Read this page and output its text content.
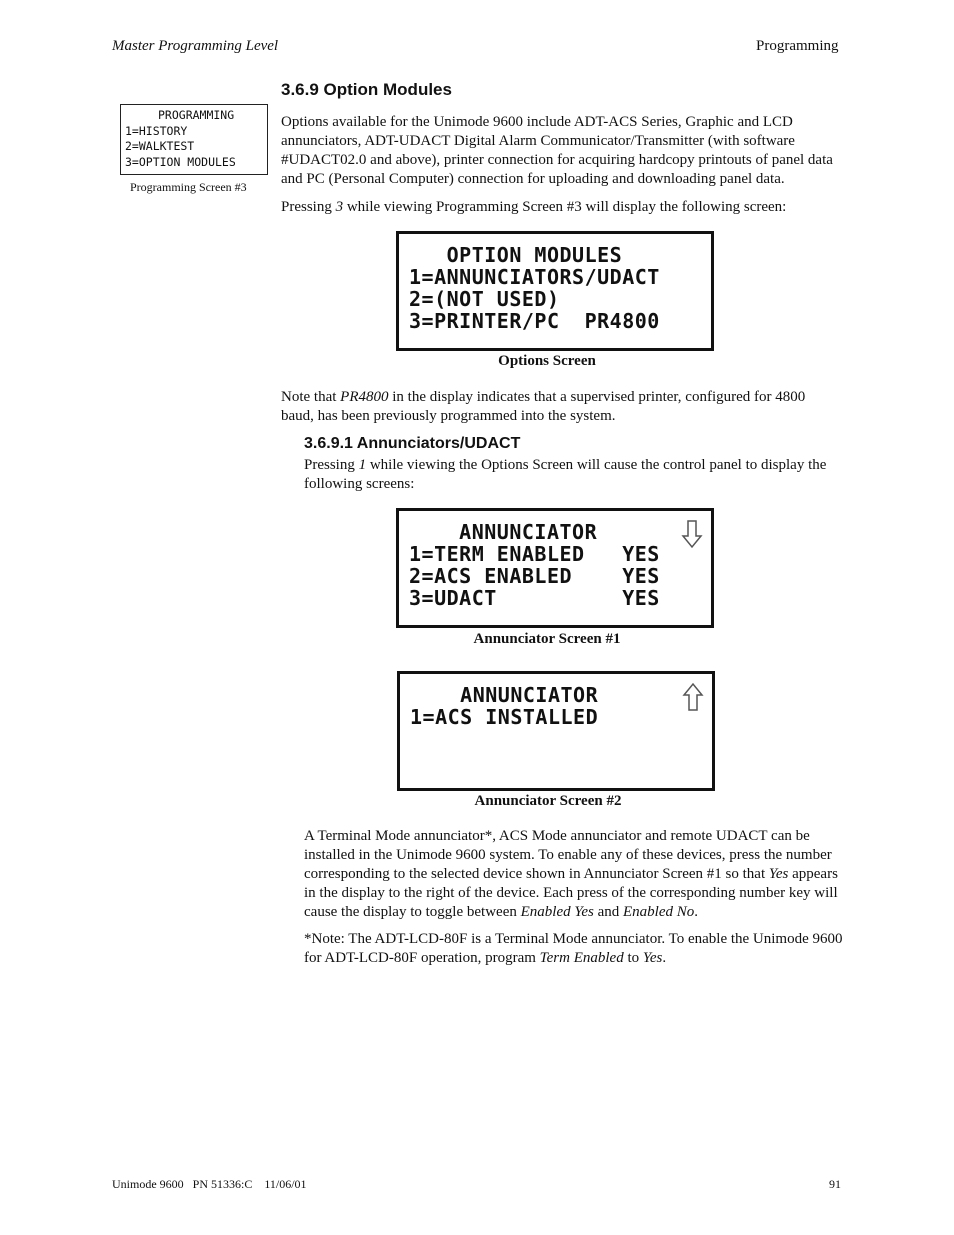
Master Programming Level	Programming
3.6.9 Option Modules
PROGRAMMING
1=HISTORY
2=WALKTEST
3=OPTION MODULES
Programming Screen #3

Options available for the Unimode 9600 include ADT-ACS Series, Graphic and LCD annunciators, ADT-UDACT Digital Alarm Communicator/Transmitter (with software #UDACT02.0 and above), printer connection for acquiring hardcopy printouts of panel data and PC (Personal Computer) connection for uploading and downloading panel data.

Pressing 3 while viewing Programming Screen #3 will display the following screen:

OPTION MODULES
1=ANNUNCIATORS/UDACT
2=(NOT USED)
3=PRINTER/PC  PR4800
Options Screen

Note that PR4800 in the display indicates that a supervised printer, configured for 4800 baud, has been previously programmed into the system.

3.6.9.1 Annunciators/UDACT

Pressing 1 while viewing the Options Screen will cause the control panel to display the following screens:

ANNUNCIATOR
1=TERM ENABLED   YES
2=ACS ENABLED    YES
3=UDACT          YES

Annunciator Screen #1
ANNUNCIATOR
1=ACS INSTALLED

Annunciator Screen #2

A Terminal Mode annunciator*, ACS Mode annunciator and remote UDACT can be installed in the Unimode 9600 system. To enable any of these devices, press the number corresponding to the selected device shown in Annunciator Screen #1 so that Yes appears in the display to the right of the device. Each press of the corresponding number key will cause the display to toggle between Enabled Yes and Enabled No.

*Note: The ADT-LCD-80F is a Terminal Mode annunciator. To enable the Unimode 9600 for ADT-LCD-80F operation, program Term Enabled to Yes.

Unimode 9600   PN 51336:C    11/06/01	91
